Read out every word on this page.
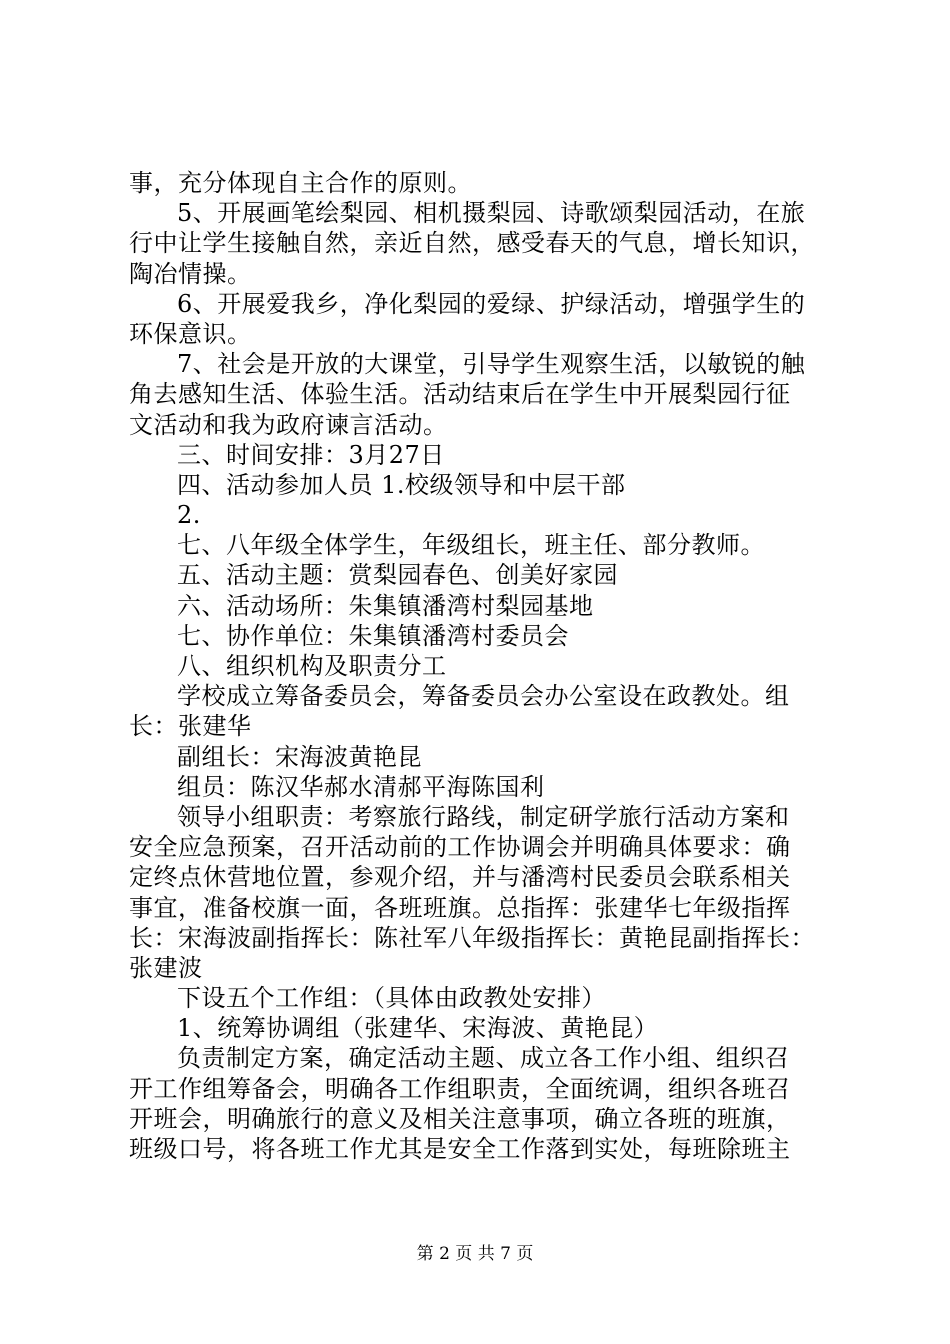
事，充分体现自主合作的原则。
5、开展画笔绘梨园、相机摄梨园、诗歌颂梨园活动，在旅
行中让学生接触自然，亲近自然，感受春天的气息，增长知识，
陶冶情操。
6、开展爱我乡，净化梨园的爱绿、护绿活动，增强学生的
环保意识。
7、社会是开放的大课堂，引导学生观察生活，以敏锐的触
角去感知生活、体验生活。活动结束后在学生中开展梨园行征
文活动和我为政府谏言活动。
三、时间安排：3月27日
四、活动参加人员 1.校级领导和中层干部
2.
七、八年级全体学生，年级组长，班主任、部分教师。
五、活动主题：赏梨园春色、创美好家园
六、活动场所：朱集镇潘湾村梨园基地
七、协作单位：朱集镇潘湾村委员会
八、组织机构及职责分工
学校成立筹备委员会，筹备委员会办公室设在政教处。组
长：张建华
副组长：宋海波黄艳昆
组员：陈汉华郝水清郝平海陈国利
领导小组职责：考察旅行路线，制定研学旅行活动方案和
安全应急预案，召开活动前的工作协调会并明确具体要求：确
定终点休营地位置，参观介绍，并与潘湾村民委员会联系相关
事宜，准备校旗一面，各班班旗。总指挥：张建华七年级指挥
长：宋海波副指挥长：陈社军八年级指挥长：黄艳昆副指挥长：
张建波
下设五个工作组：（具体由政教处安排）
1、统筹协调组（张建华、宋海波、黄艳昆）
负责制定方案，确定活动主题、成立各工作小组、组织召
开工作组筹备会，明确各工作组职责，全面统调，组织各班召
开班会，明确旅行的意义及相关注意事项，确立各班的班旗，
班级口号，将各班工作尤其是安全工作落到实处，每班除班主
第 2 页 共 7 页
